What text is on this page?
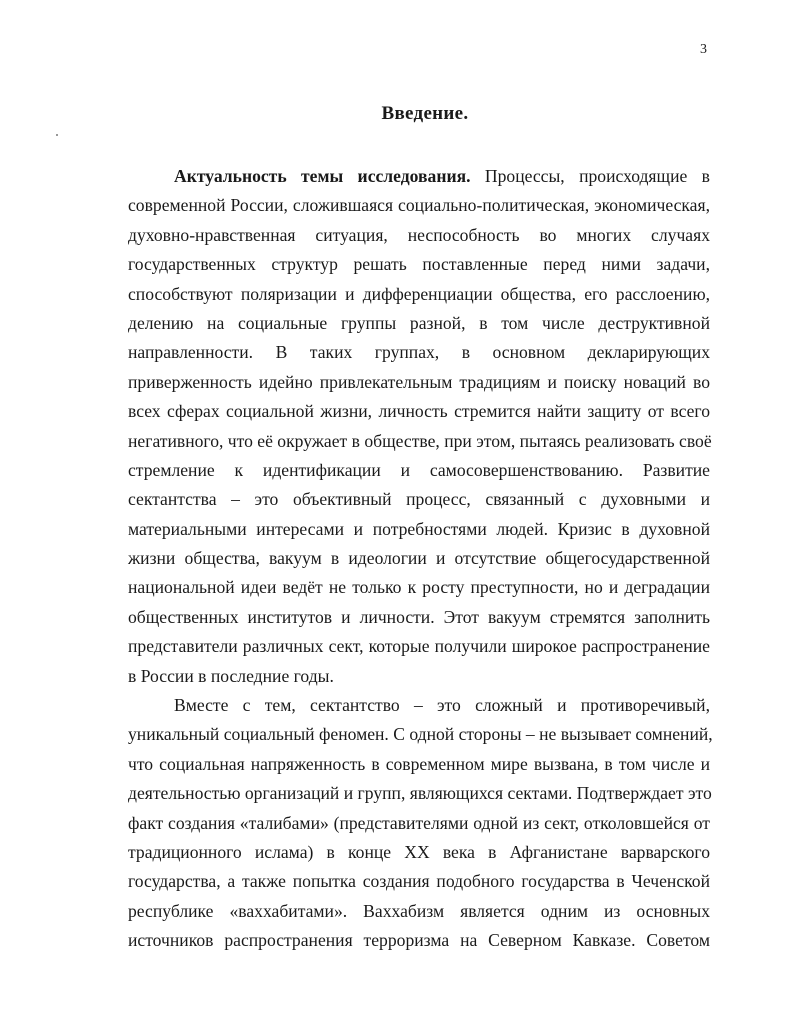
3
Введение.
Актуальность темы исследования. Процессы, происходящие в
современной России, сложившаяся социально-политическая, экономическая,
духовно-нравственная ситуация, неспособность во многих случаях
государственных структур решать поставленные перед ними задачи,
способствуют поляризации и дифференциации общества, его расслоению,
делению на социальные группы разной, в том числе деструктивной
направленности. В таких группах, в основном декларирующих
приверженность идейно привлекательным традициям и поиску новаций во
всех сферах социальной жизни, личность стремится найти защиту от всего
негативного, что её окружает в обществе, при этом, пытаясь реализовать своё
стремление к идентификации и самосовершенствованию. Развитие
сектантства – это объективный процесс, связанный с духовными и
материальными интересами и потребностями людей. Кризис в духовной
жизни общества, вакуум в идеологии и отсутствие общегосударственной
национальной идеи ведёт не только к росту преступности, но и деградации
общественных институтов и личности. Этот вакуум стремятся заполнить
представители различных сект, которые получили широкое распространение
в России в последние годы.
Вместе с тем, сектантство – это сложный и противоречивый,
уникальный социальный феномен. С одной стороны – не вызывает сомнений,
что социальная напряженность в современном мире вызвана, в том числе и
деятельностью организаций и групп, являющихся сектами. Подтверждает это
факт создания «талибами» (представителями одной из сект, отколовшейся от
традиционного ислама) в конце XX века в Афганистане варварского
государства, а также попытка создания подобного государства в Чеченской
республике «ваххабитами». Ваххабизм является одним из основных
источников распространения терроризма на Северном Кавказе. Советом
